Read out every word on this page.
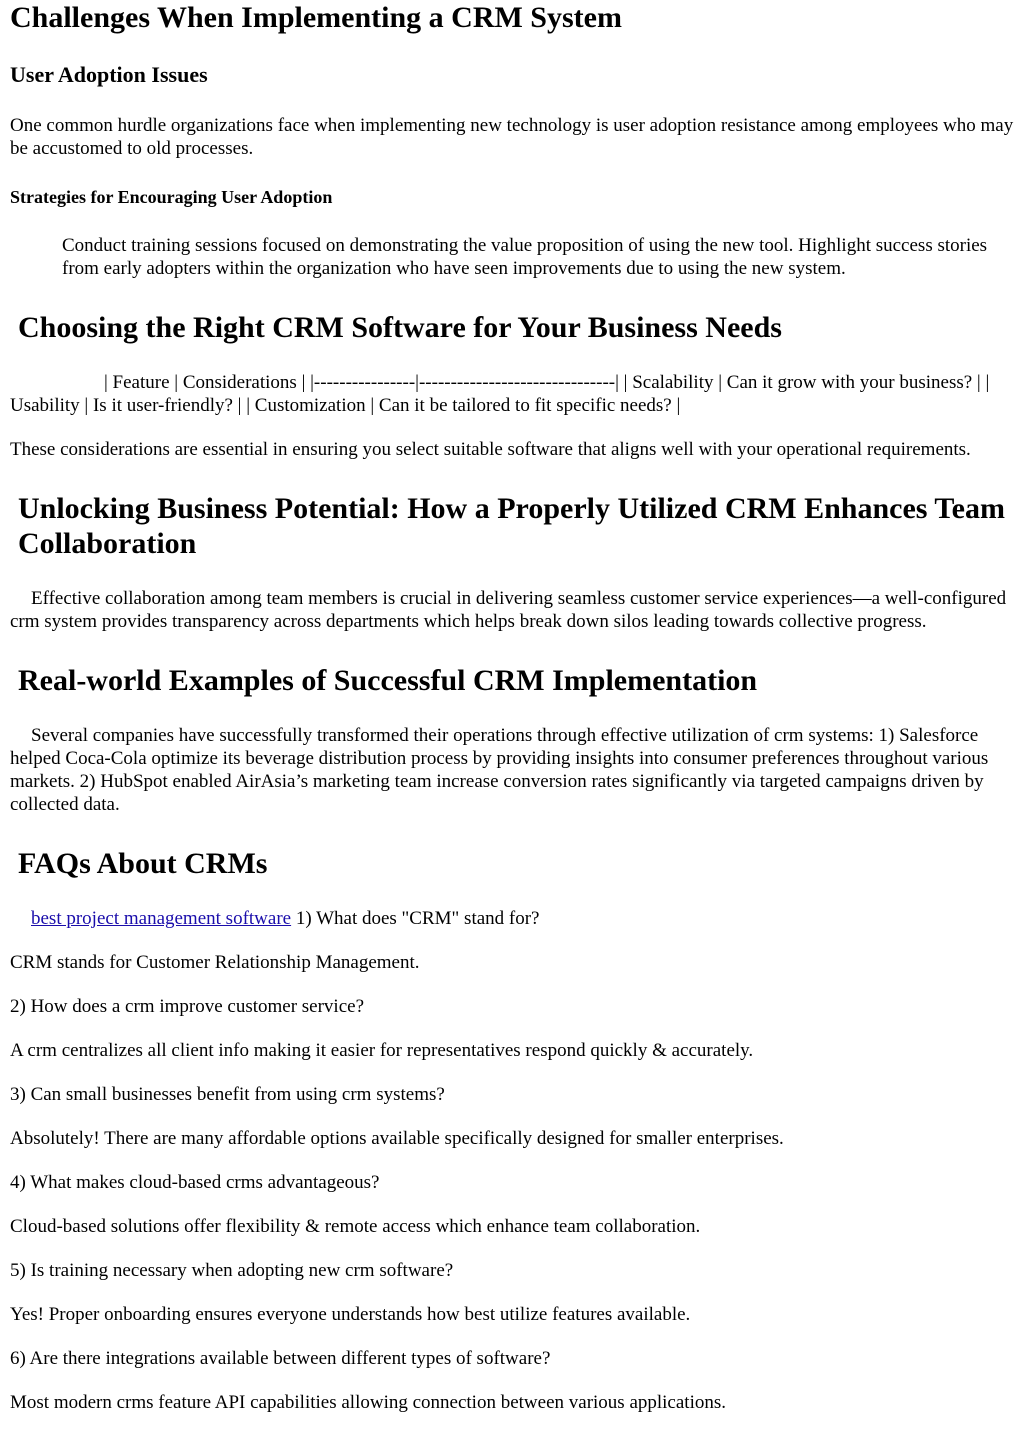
Challenges When Implementing a CRM System
User Adoption Issues

One common hurdle organizations face when implementing new technology is user adoption resistance among employees who may be accustomed to old processes.

Strategies for Encouraging User Adoption

Conduct training sessions focused on demonstrating the value proposition of using the new tool. Highlight success stories from early adopters within the organization who have seen improvements due to using the new system.

Choosing the Right CRM Software for Your Business Needs

| Feature | Considerations | |----------------|-------------------------------| | Scalability | Can it grow with your business? | | Usability | Is it user-friendly? | | Customization | Can it be tailored to fit specific needs? |

These considerations are essential in ensuring you select suitable software that aligns well with your operational requirements.

Unlocking Business Potential: How a Properly Utilized CRM Enhances Team Collaboration

Effective collaboration among team members is crucial in delivering seamless customer service experiences—a well-configured crm system provides transparency across departments which helps break down silos leading towards collective progress.

Real-world Examples of Successful CRM Implementation

Several companies have successfully transformed their operations through effective utilization of crm systems: 1) Salesforce helped Coca-Cola optimize its beverage distribution process by providing insights into consumer preferences throughout various markets. 2) HubSpot enabled AirAsia’s marketing team increase conversion rates significantly via targeted campaigns driven by collected data.

FAQs About CRMs

best project management software 1) What does "CRM" stand for?

CRM stands for Customer Relationship Management.

2) How does a crm improve customer service?

A crm centralizes all client info making it easier for representatives respond quickly & accurately.

3) Can small businesses benefit from using crm systems?

Absolutely! There are many affordable options available specifically designed for smaller enterprises.

4) What makes cloud-based crms advantageous?

Cloud-based solutions offer flexibility & remote access which enhance team collaboration.

5) Is training necessary when adopting new crm software?

Yes! Proper onboarding ensures everyone understands how best utilize features available.

6) Are there integrations available between different types of software?

Most modern crms feature API capabilities allowing connection between various applications.
